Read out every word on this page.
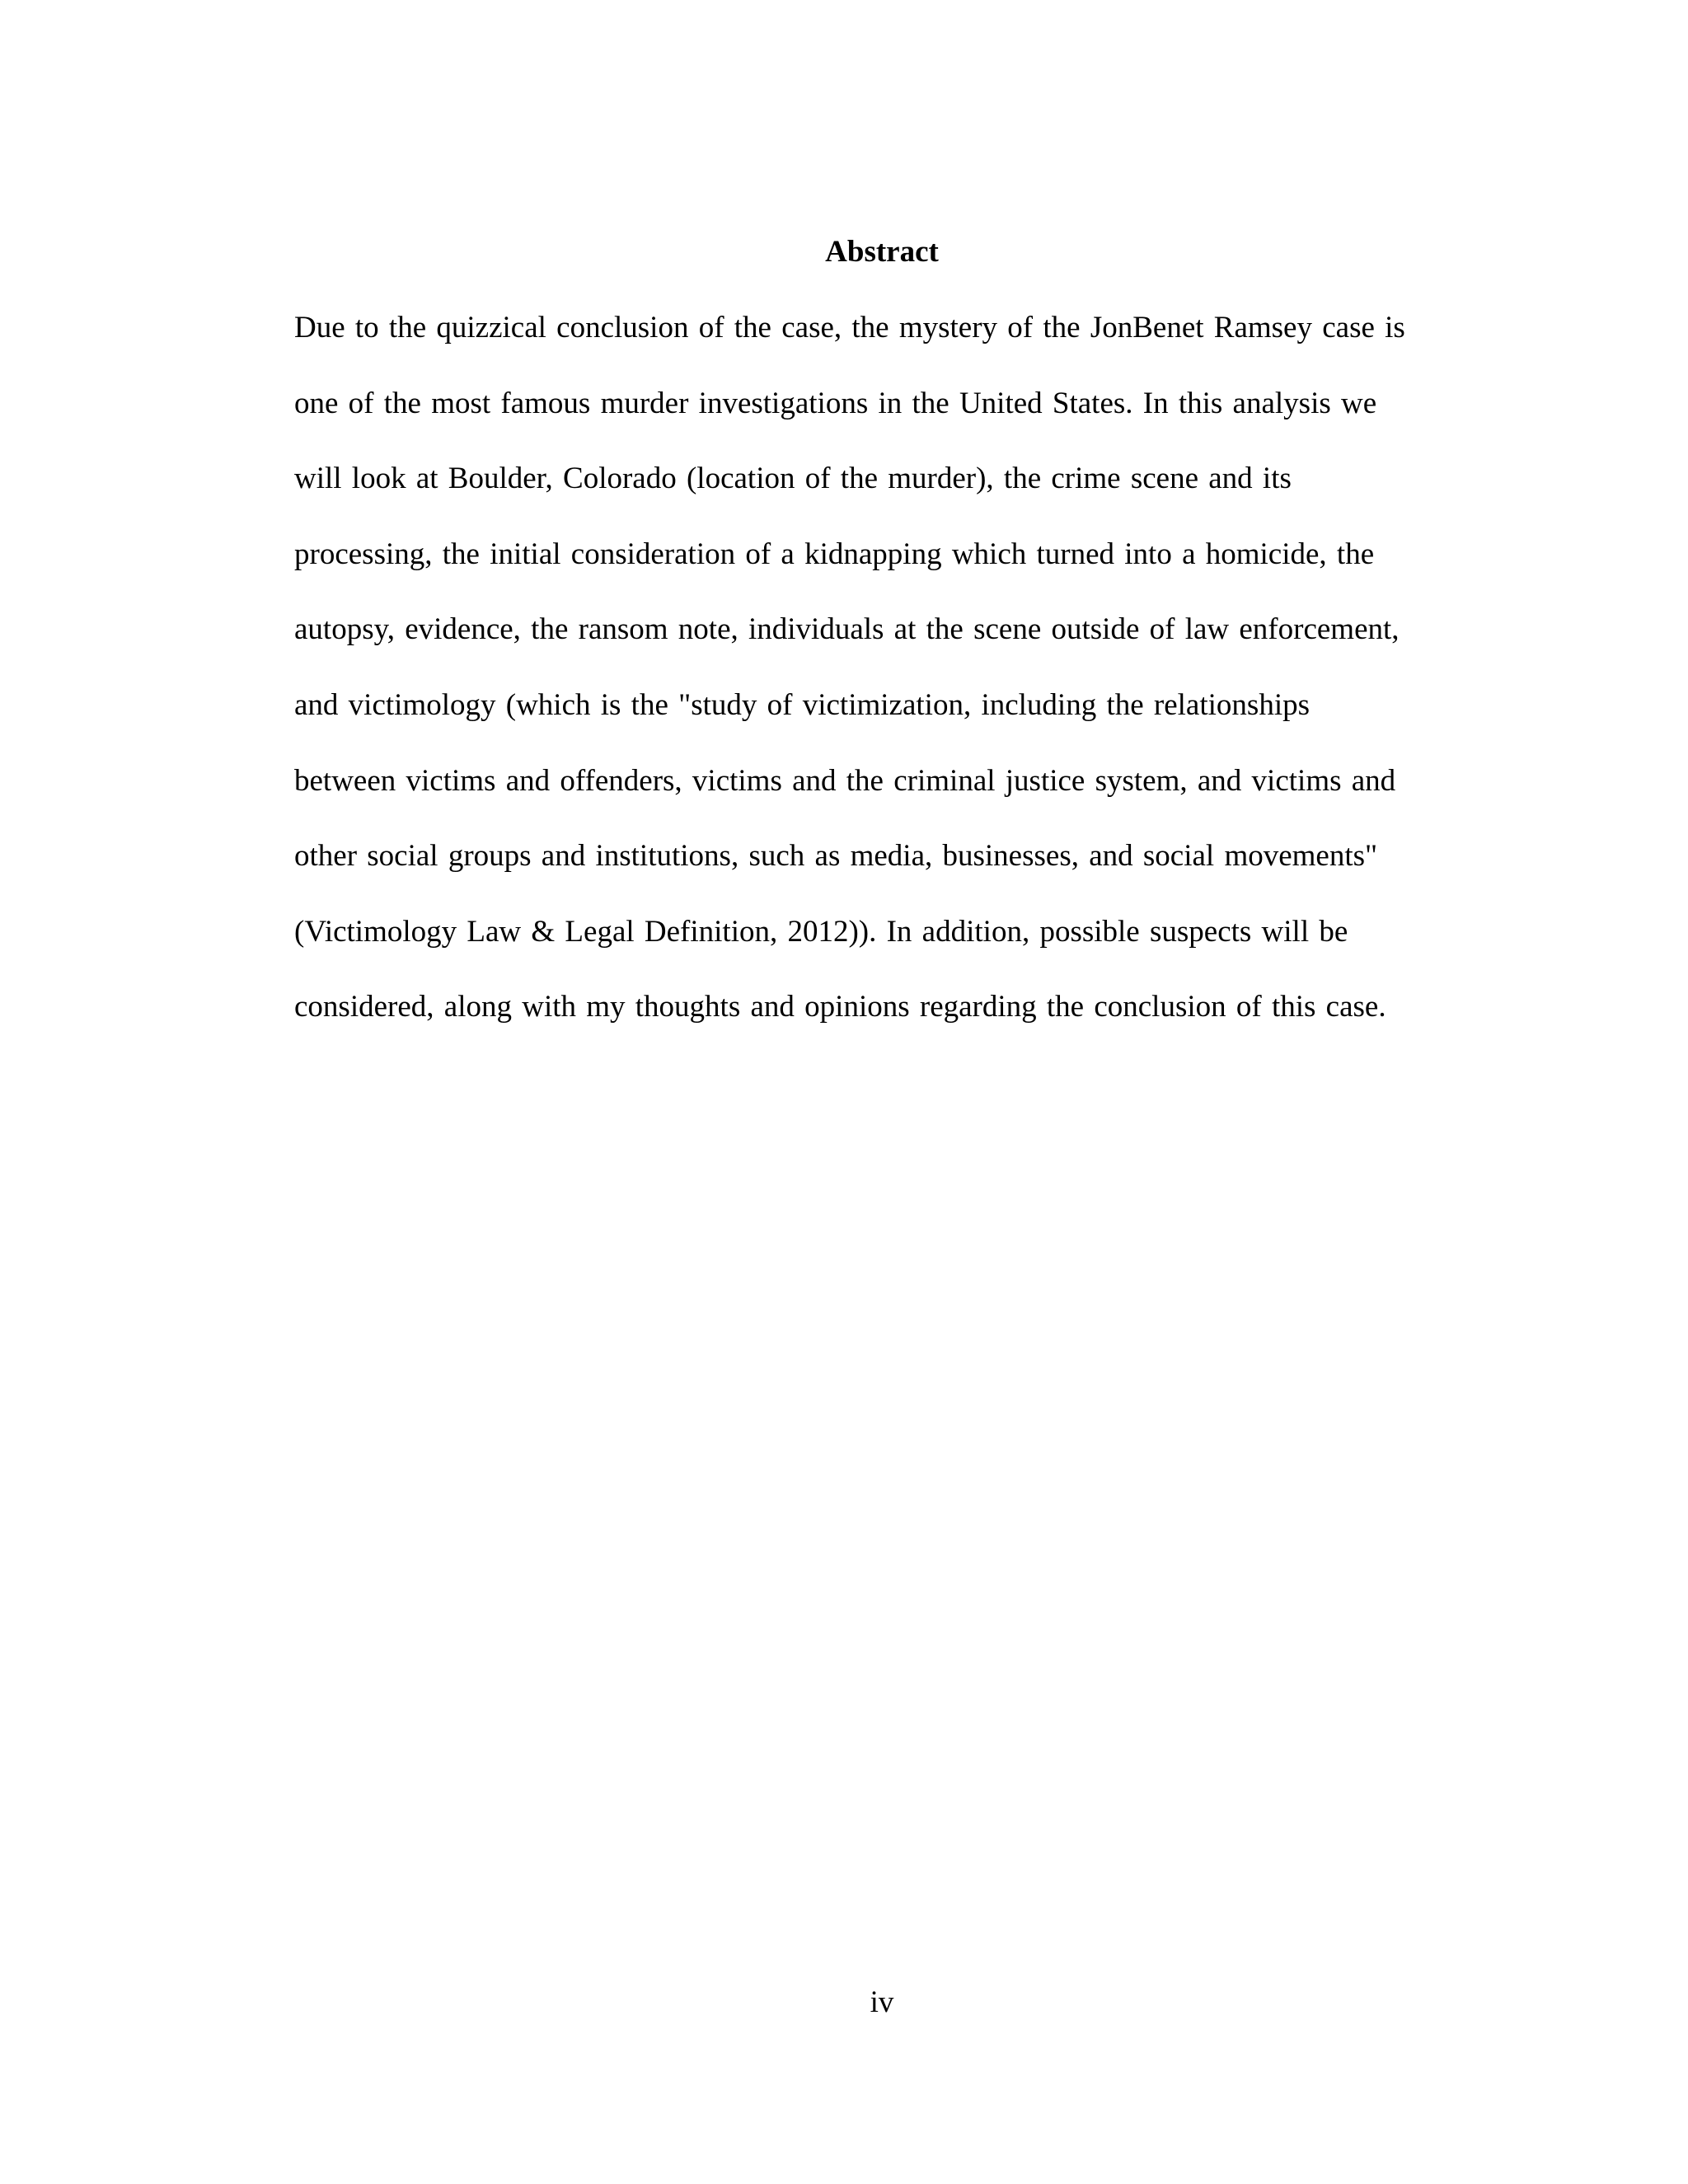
Abstract
Due to the quizzical conclusion of the case, the mystery of the JonBenet Ramsey case is
one of the most famous murder investigations in the United States. In this analysis we
will look at Boulder, Colorado (location of the murder), the crime scene and its
processing, the initial consideration of a kidnapping which turned into a homicide, the
autopsy, evidence, the ransom note, individuals at the scene outside of law enforcement,
and victimology (which is the "study of victimization, including the relationships
between victims and offenders, victims and the criminal justice system, and victims and
other social groups and institutions, such as media, businesses, and social movements"
(Victimology Law & Legal Definition, 2012)). In addition, possible suspects will be
considered, along with my thoughts and opinions regarding the conclusion of this case.
iv
